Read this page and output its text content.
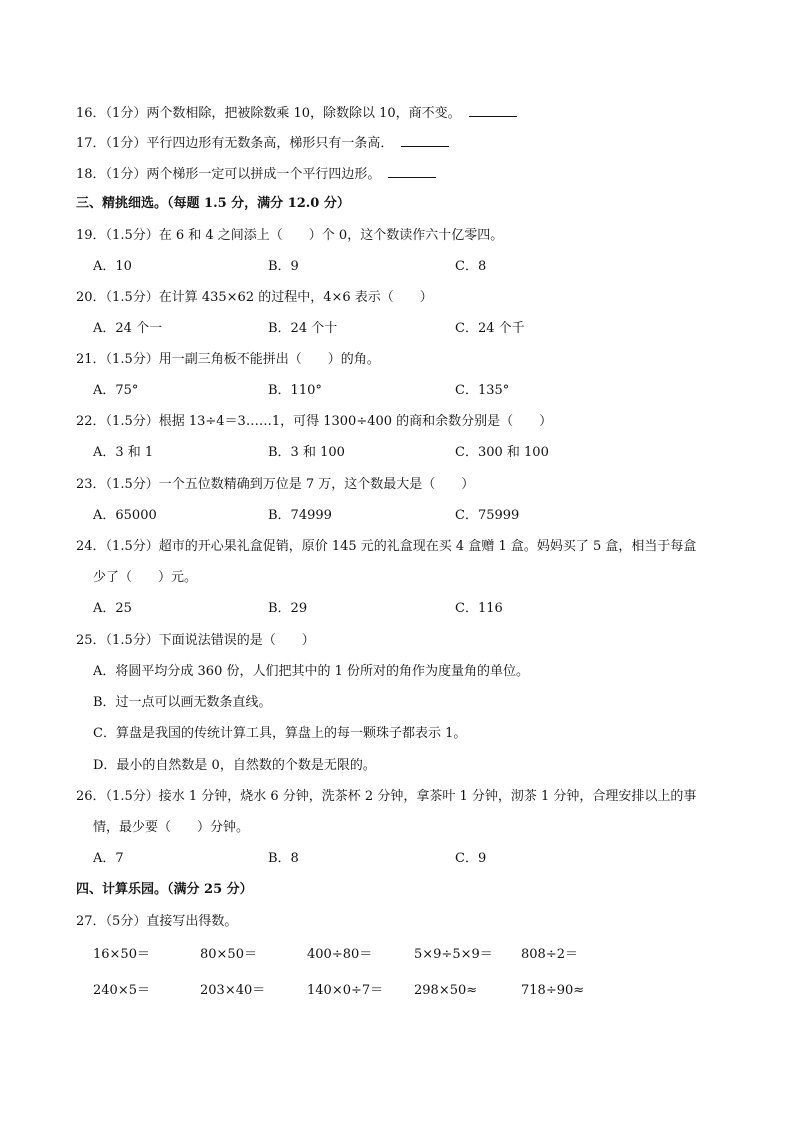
16．（1分）两个数相除，把被除数乘 10，除数除以 10，商不变。
17．（1分）平行四边形有无数条高，梯形只有一条高．
18．（1分）两个梯形一定可以拼成一个平行四边形。
三、精挑细选。（每题 1.5 分，满分 12.0 分）
19．（1.5分）在 6 和 4 之间添上（　　）个 0，这个数读作六十亿零四。
A．10	B．9	C．8
20．（1.5分）在计算 435×62 的过程中，4×6 表示（　　）
A．24 个一	B．24 个十	C．24 个千
21．（1.5分）用一副三角板不能拼出（　　）的角。
A．75°	B．110°	C．135°
22．（1.5分）根据 13÷4＝3……1，可得 1300÷400 的商和余数分别是（　　）
A．3 和 1	B．3 和 100	C．300 和 100
23．（1.5分）一个五位数精确到万位是 7 万，这个数最大是（　　）
A．65000	B．74999	C．75999
24．（1.5分）超市的开心果礼盒促销，原价 145 元的礼盒现在买 4 盒赠 1 盒。妈妈买了 5 盒，相当于每盒
少了（　　）元。
A．25	B．29	C．116
25．（1.5分）下面说法错误的是（　　）
A．将圆平均分成 360 份，人们把其中的 1 份所对的角作为度量角的单位。
B．过一点可以画无数条直线。
C．算盘是我国的传统计算工具，算盘上的每一颗珠子都表示 1。
D．最小的自然数是 0，自然数的个数是无限的。
26．（1.5分）接水 1 分钟，烧水 6 分钟，洗茶杯 2 分钟，拿茶叶 1 分钟，沏茶 1 分钟，合理安排以上的事
情，最少要（　　）分钟。
A．7	B．8	C．9
四、计算乐园。（满分 25 分）
27．（5分）直接写出得数。
16×50＝	80×50＝	400÷80＝	5×9÷5×9＝ 808÷2＝
240×5＝	203×40＝	140×0÷7＝ 298×50≈	718÷90≈
